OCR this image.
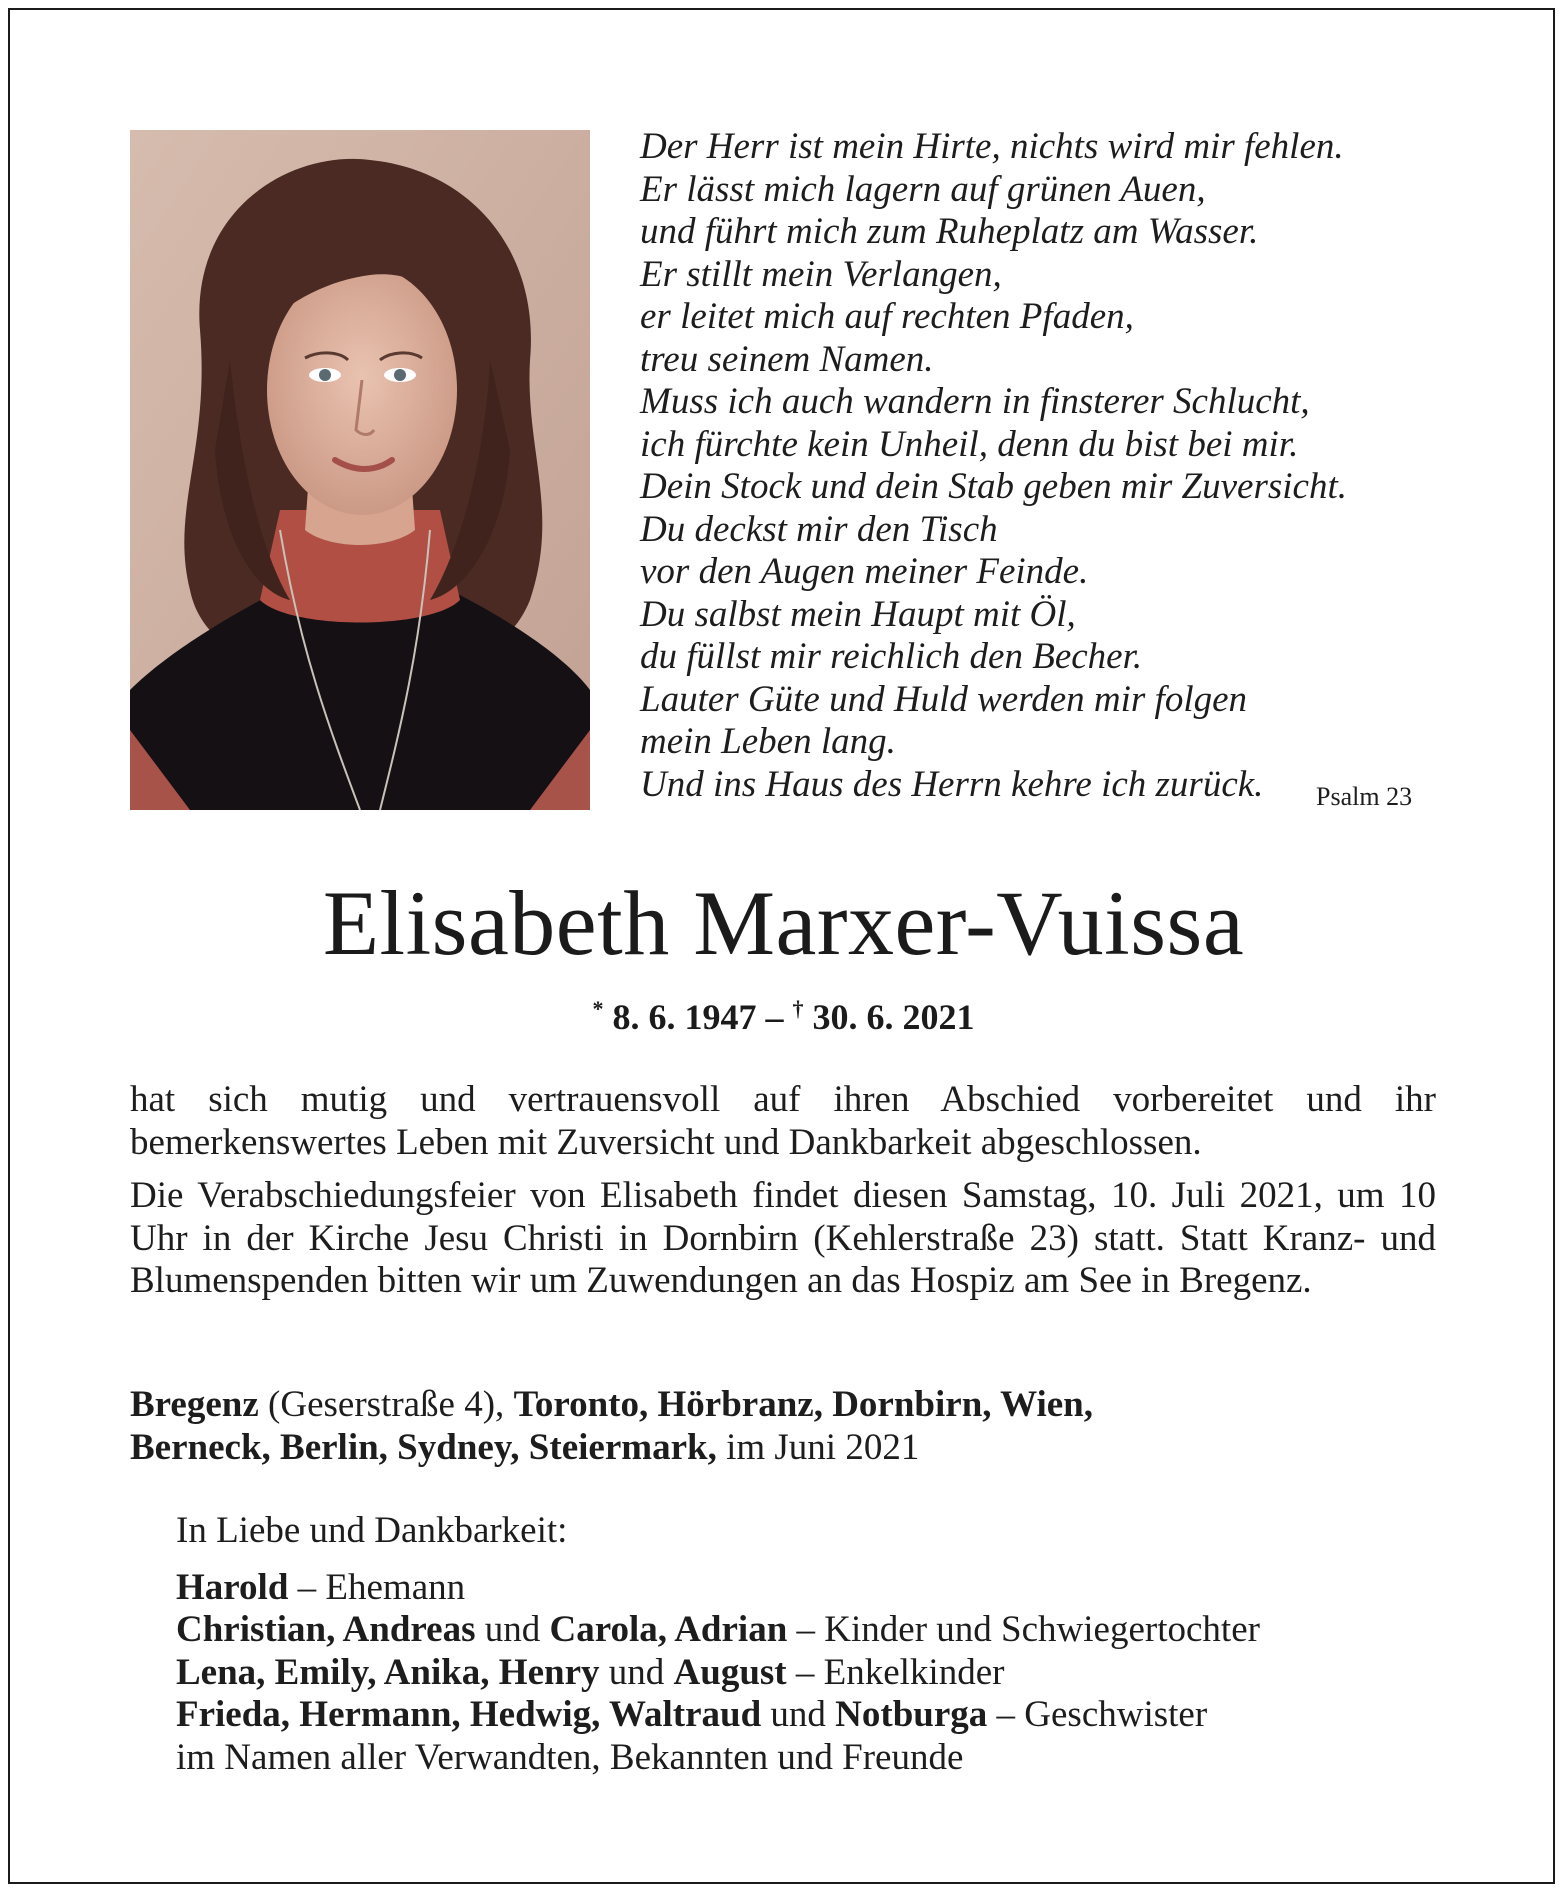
Der Herr ist mein Hirte, nichts wird mir fehlen.
Er lässt mich lagern auf grünen Auen,
und führt mich zum Ruheplatz am Wasser.
Er stillt mein Verlangen,
er leitet mich auf rechten Pfaden,
treu seinem Namen.
Muss ich auch wandern in finsterer Schlucht,
ich fürchte kein Unheil, denn du bist bei mir.
Dein Stock und dein Stab geben mir Zuversicht.
Du deckst mir den Tisch
vor den Augen meiner Feinde.
Du salbst mein Haupt mit Öl,
du füllst mir reichlich den Becher.
Lauter Güte und Huld werden mir folgen
mein Leben lang.
Und ins Haus des Herrn kehre ich zurück.	Psalm 23
Elisabeth Marxer-Vuissa
* 8. 6. 1947 – † 30. 6. 2021
hat sich mutig und vertrauensvoll auf ihren Abschied vorbereitet und ihr bemerkenswertes Leben mit Zuversicht und Dankbarkeit abgeschlossen.
Die Verabschiedungsfeier von Elisabeth findet diesen Samstag, 10. Juli 2021, um 10 Uhr in der Kirche Jesu Christi in Dornbirn (Kehlerstraße 23) statt. Statt Kranz- und Blumenspenden bitten wir um Zuwendungen an das Hospiz am See in Bregenz.
Bregenz (Geserstraße 4), Toronto, Hörbranz, Dornbirn, Wien,
Berneck, Berlin, Sydney, Steiermark, im Juni 2021
In Liebe und Dankbarkeit:
Harold – Ehemann
Christian, Andreas und Carola, Adrian – Kinder und Schwiegertochter
Lena, Emily, Anika, Henry und August – Enkelkinder
Frieda, Hermann, Hedwig, Waltraud und Notburga – Geschwister
im Namen aller Verwandten, Bekannten und Freunde
